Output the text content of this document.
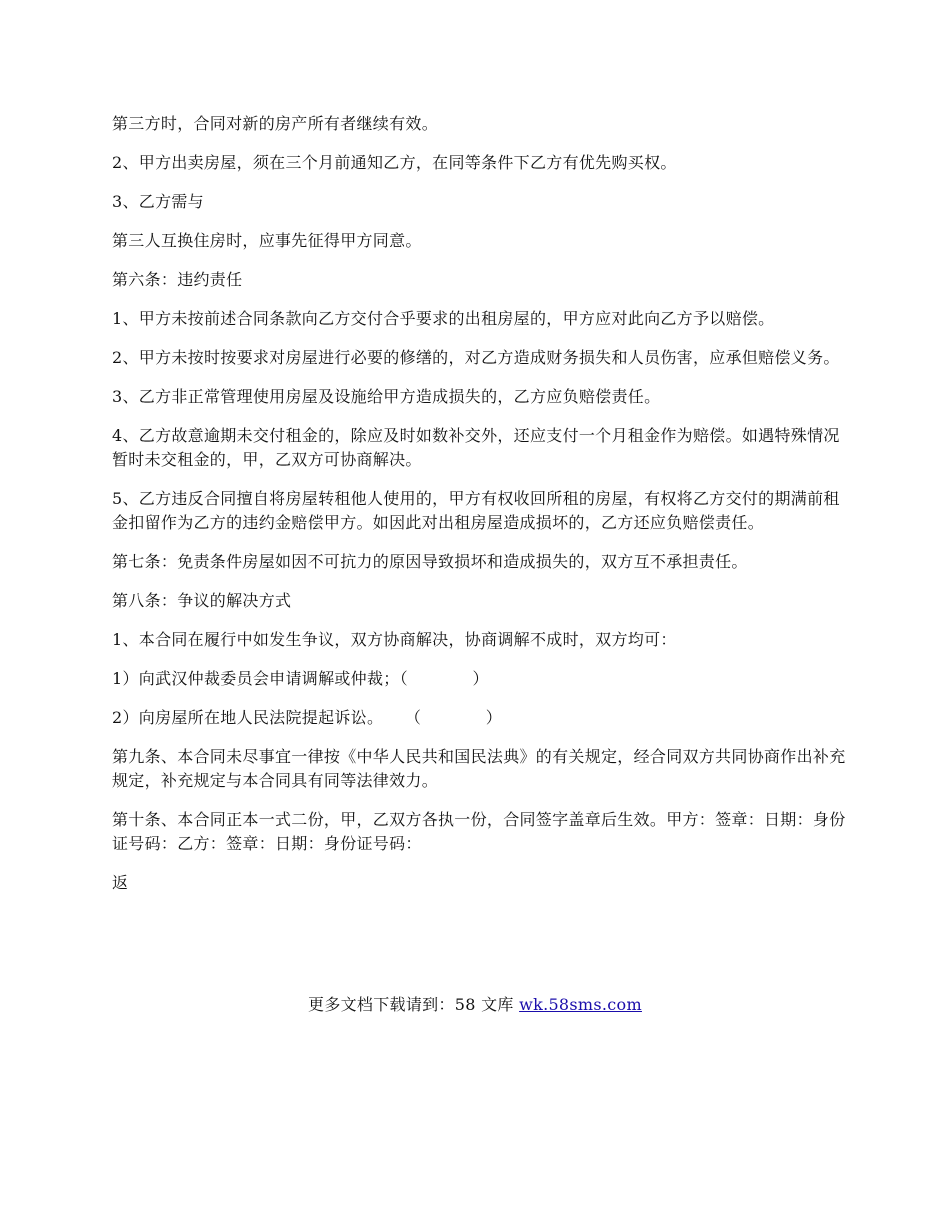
第三方时，合同对新的房产所有者继续有效。

2、甲方出卖房屋，须在三个月前通知乙方，在同等条件下乙方有优先购买权。

3、乙方需与

第三人互换住房时，应事先征得甲方同意。

第六条：违约责任

1、甲方未按前述合同条款向乙方交付合乎要求的出租房屋的，甲方应对此向乙方予以赔偿。

2、甲方未按时按要求对房屋进行必要的修缮的，对乙方造成财务损失和人员伤害，应承但赔偿义务。

3、乙方非正常管理使用房屋及设施给甲方造成损失的，乙方应负赔偿责任。

4、乙方故意逾期未交付租金的，除应及时如数补交外，还应支付一个月租金作为赔偿。如遇特殊情况暂时未交租金的，甲，乙双方可协商解决。

5、乙方违反合同擅自将房屋转租他人使用的，甲方有权收回所租的房屋，有权将乙方交付的期满前租金扣留作为乙方的违约金赔偿甲方。如因此对出租房屋造成损坏的，乙方还应负赔偿责任。

第七条：免责条件房屋如因不可抗力的原因导致损坏和造成损失的，双方互不承担责任。

第八条：争议的解决方式

1、本合同在履行中如发生争议，双方协商解决，协商调解不成时，双方均可：

1）向武汉仲裁委员会申请调解或仲裁；（            ）

2）向房屋所在地人民法院提起诉讼。    （            ）

第九条、本合同未尽事宜一律按《中华人民共和国民法典》的有关规定，经合同双方共同协商作出补充规定，补充规定与本合同具有同等法律效力。

第十条、本合同正本一式二份，甲，乙双方各执一份，合同签字盖章后生效。甲方：签章：日期：身份证号码：乙方：签章：日期：身份证号码：

返

更多文档下载请到：58 文库 wk.58sms.com
